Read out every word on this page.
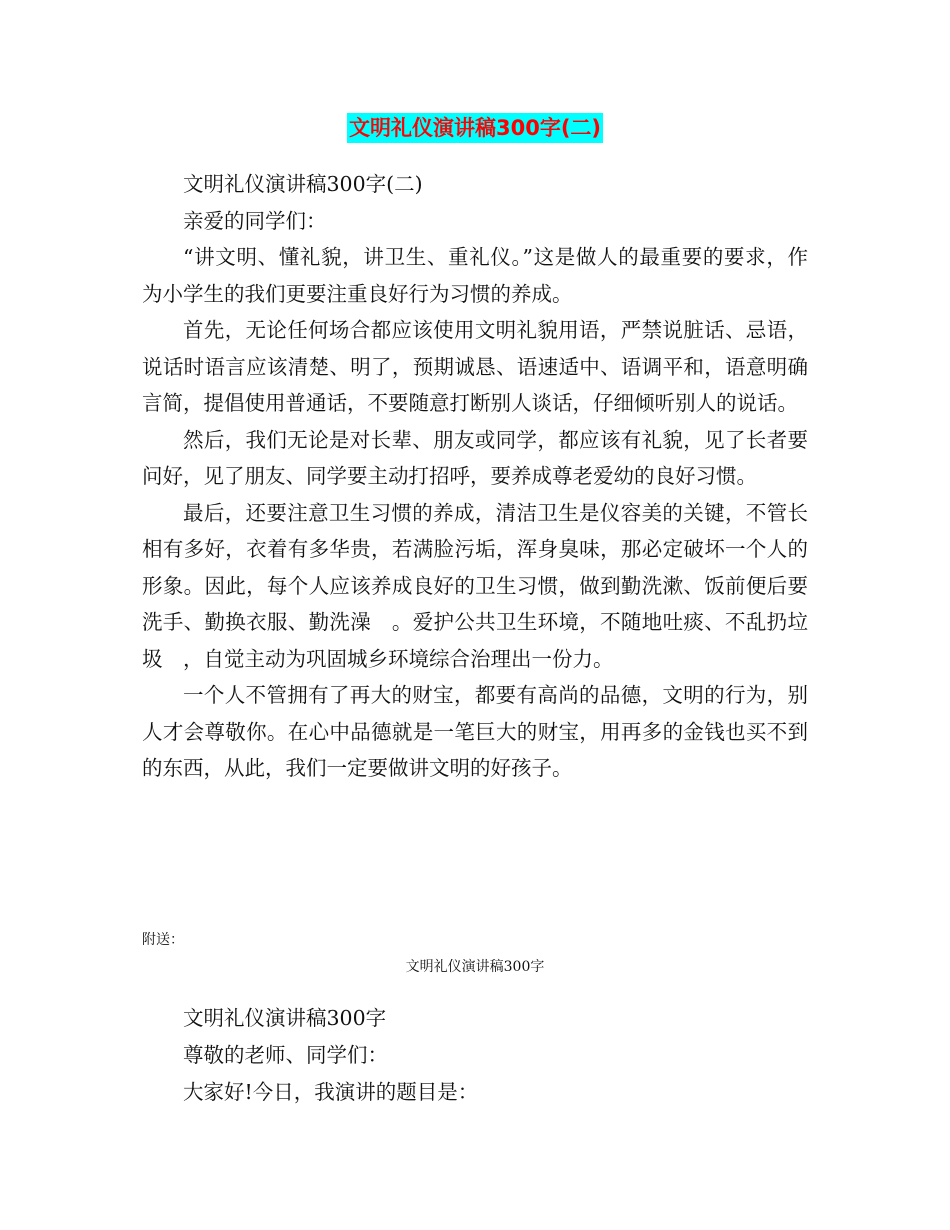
文明礼仪演讲稿300字(二)

文明礼仪演讲稿300字(二)

亲爱的同学们：

“讲文明、懂礼貌，讲卫生、重礼仪。”这是做人的最重要的要求，作为小学生的我们更要注重良好行为习惯的养成。

首先，无论任何场合都应该使用文明礼貌用语，严禁说脏话、忌语，说话时语言应该清楚、明了，预期诚恳、语速适中、语调平和，语意明确言简，提倡使用普通话，不要随意打断别人谈话，仔细倾听别人的说话。

然后，我们无论是对长辈、朋友或同学，都应该有礼貌，见了长者要问好，见了朋友、同学要主动打招呼，要养成尊老爱幼的良好习惯。

最后，还要注意卫生习惯的养成，清洁卫生是仪容美的关键，不管长相有多好，衣着有多华贵，若满脸污垢，浑身臭味，那必定破坏一个人的形象。因此，每个人应该养成良好的卫生习惯，做到勤洗漱、饭前便后要洗手、勤换衣服、勤洗澡　。爱护公共卫生环境，不随地吐痰、不乱扔垃圾　，自觉主动为巩固城乡环境综合治理出一份力。

一个人不管拥有了再大的财宝，都要有高尚的品德，文明的行为，别人才会尊敬你。在心中品德就是一笔巨大的财宝，用再多的金钱也买不到的东西，从此，我们一定要做讲文明的好孩子。

附送：
文明礼仪演讲稿300字

文明礼仪演讲稿300字

尊敬的老师、同学们：

大家好!今日，我演讲的题目是：
